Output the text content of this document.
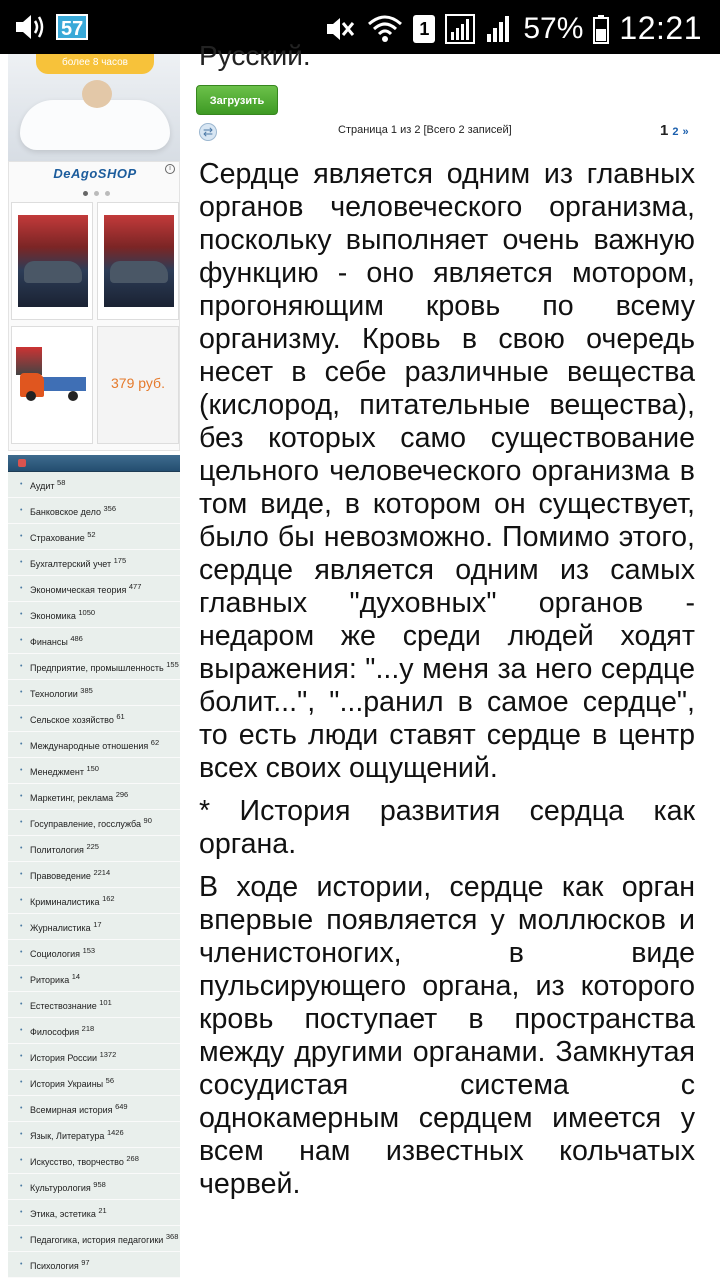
57	1	57% 12:21
более 8 часов
DeAgoSHOP	i
379 руб.
• Аудит $^{58}$
• Банковское дело $^{356}$
• Страхование $^{52}$
• Бухгалтерский учет $^{175}$
• Экономическая теория $^{477}$
• Экономика $^{1050}$
• Финансы $^{486}$
• Предприятие, промышленность $^{155}$
• Технологии $^{385}$
• Сельское хозяйство $^{61}$
• Международные отношения $^{62}$
• Менеджмент $^{150}$
• Маркетинг, реклама $^{296}$
• Госуправление, госслужба $^{90}$
• Политология $^{225}$
• Правоведение $^{2214}$
• Криминалистика $^{162}$
• Журналистика $^{17}$
• Социология $^{153}$
• Риторика $^{14}$
• Естествознание $^{101}$
• Философия $^{218}$
• История России $^{1372}$
• История Украины $^{56}$
• Всемирная история $^{649}$
• Язык, Литература $^{1426}$
• Искусство, творчество $^{268}$
• Культурология $^{958}$
• Этика, эстетика $^{21}$
• Педагогика, история педагогики $^{368}$
• Психология $^{97}$
Русский.
Загрузить
⇄	Страница 1 из 2 [Всего 2 записей]	1 2 »

Сердце является одним из главных органов человеческого организма, поскольку выполняет очень важную функцию - оно является мотором, прогоняющим кровь по всему организму. Кровь в свою очередь несет в себе различные вещества (кислород, питательные вещества), без которых само существование цельного человеческого организма в том виде, в котором он существует, было бы невозможно. Помимо этого, сердце является одним из самых главных "духовных" органов - недаром же среди людей ходят выражения: "...у меня за него сердце болит...", "...ранил в самое сердце", то есть люди ставят сердце в центр всех своих ощущений.

* История развития сердца как органа.

В ходе истории, сердце как орган впервые появляется у моллюсков и членистоногих, в виде пульсирующего органа, из которого кровь поступает в пространства между другими органами. Замкнутая сосудистая система с однокамерным сердцем имеется у всем нам известных кольчатых червей.
